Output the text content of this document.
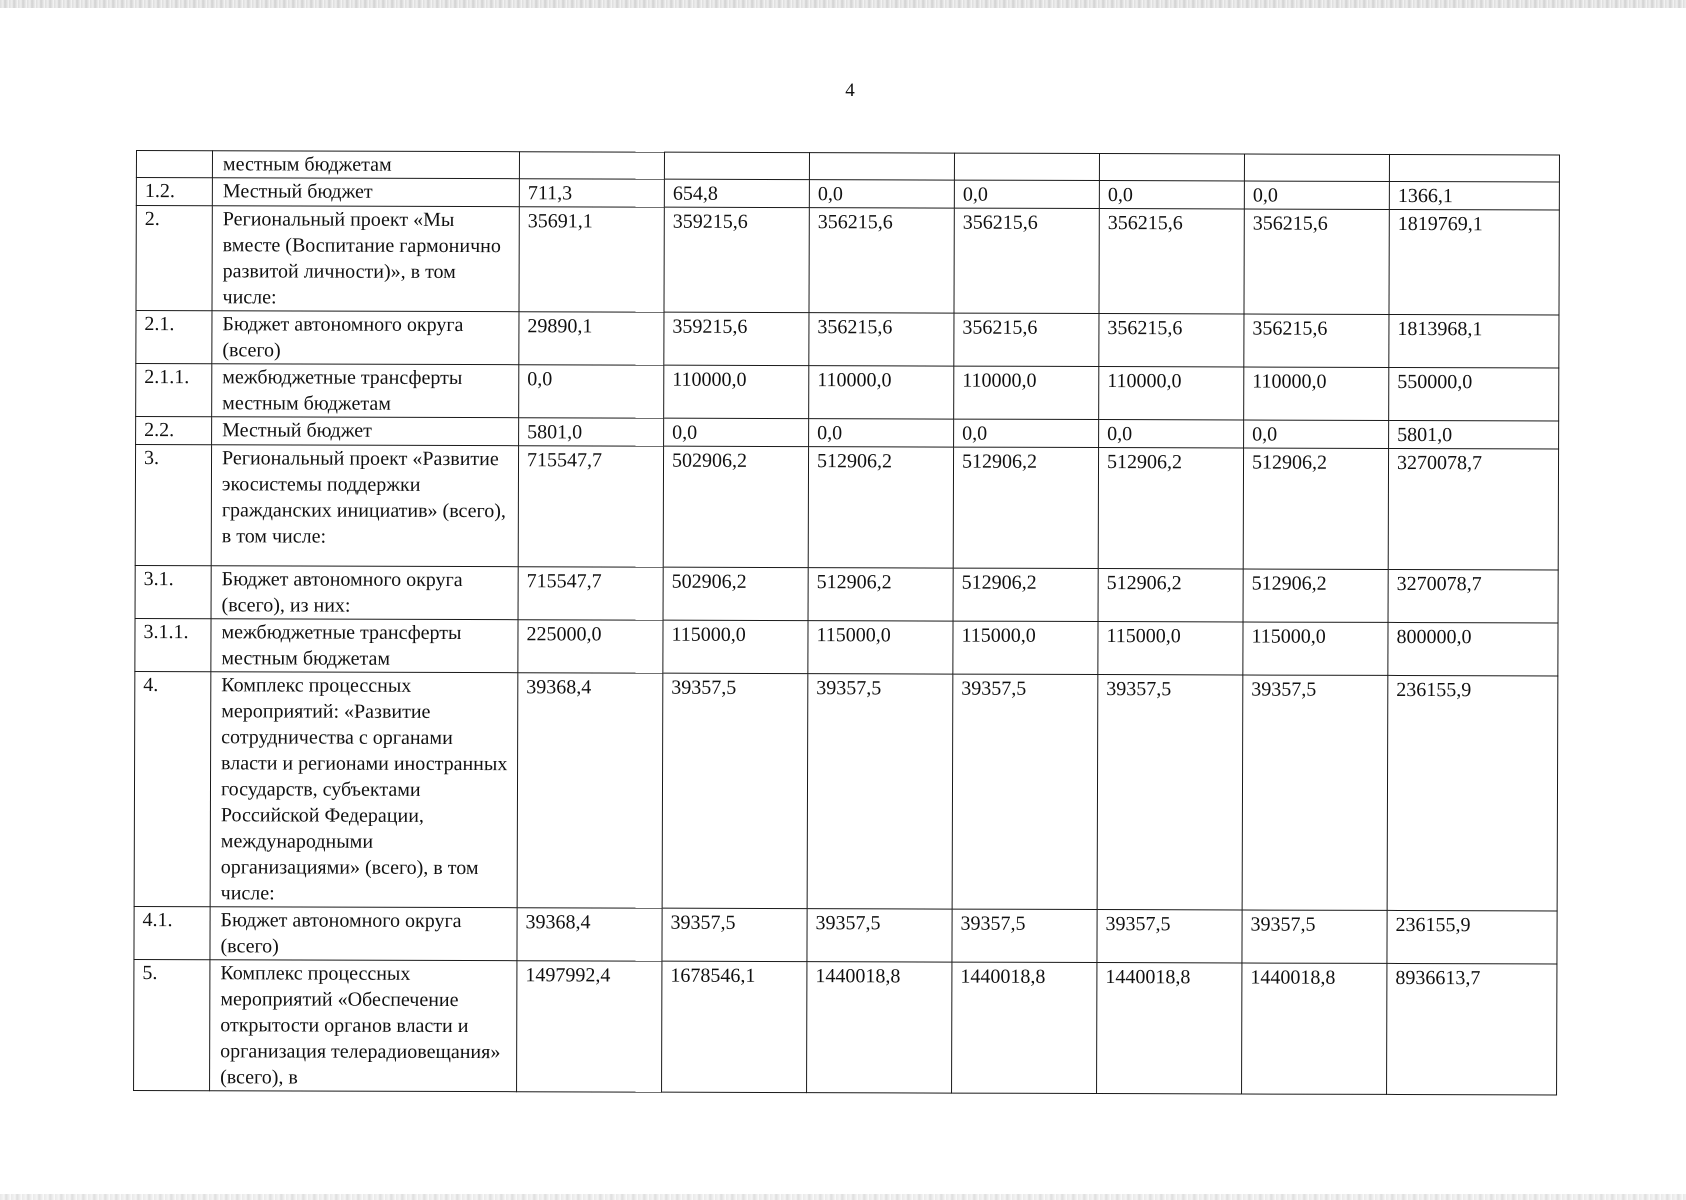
4
	местным бюджетам							
1.2.	Местный бюджет	711,3	654,8	0,0	0,0	0,0	0,0	1366,1
2.	Региональный проект «Мы вместе (Воспитание гармонично развитой личности)», в том числе:	35691,1	359215,6	356215,6	356215,6	356215,6	356215,6	1819769,1
2.1.	Бюджет автономного округа (всего)	29890,1	359215,6	356215,6	356215,6	356215,6	356215,6	1813968,1
2.1.1.	межбюджетные трансферты местным бюджетам	0,0	110000,0	110000,0	110000,0	110000,0	110000,0	550000,0
2.2.	Местный бюджет	5801,0	0,0	0,0	0,0	0,0	0,0	5801,0
3.	Региональный проект «Развитие экосистемы поддержки гражданских инициатив» (всего), в том числе:	715547,7	502906,2	512906,2	512906,2	512906,2	512906,2	3270078,7
3.1.	Бюджет автономного округа (всего), из них:	715547,7	502906,2	512906,2	512906,2	512906,2	512906,2	3270078,7
3.1.1.	межбюджетные трансферты местным бюджетам	225000,0	115000,0	115000,0	115000,0	115000,0	115000,0	800000,0
4.	Комплекс процессных мероприятий: «Развитие сотрудничества с органами власти и регионами иностранных государств, субъектами Российской Федерации, международными организациями» (всего), в том числе:	39368,4	39357,5	39357,5	39357,5	39357,5	39357,5	236155,9
4.1.	Бюджет автономного округа (всего)	39368,4	39357,5	39357,5	39357,5	39357,5	39357,5	236155,9
5.	Комплекс процессных мероприятий «Обеспечение открытости органов власти и организация телерадиовещания» (всего), в	1497992,4	1678546,1	1440018,8	1440018,8	1440018,8	1440018,8	8936613,7
